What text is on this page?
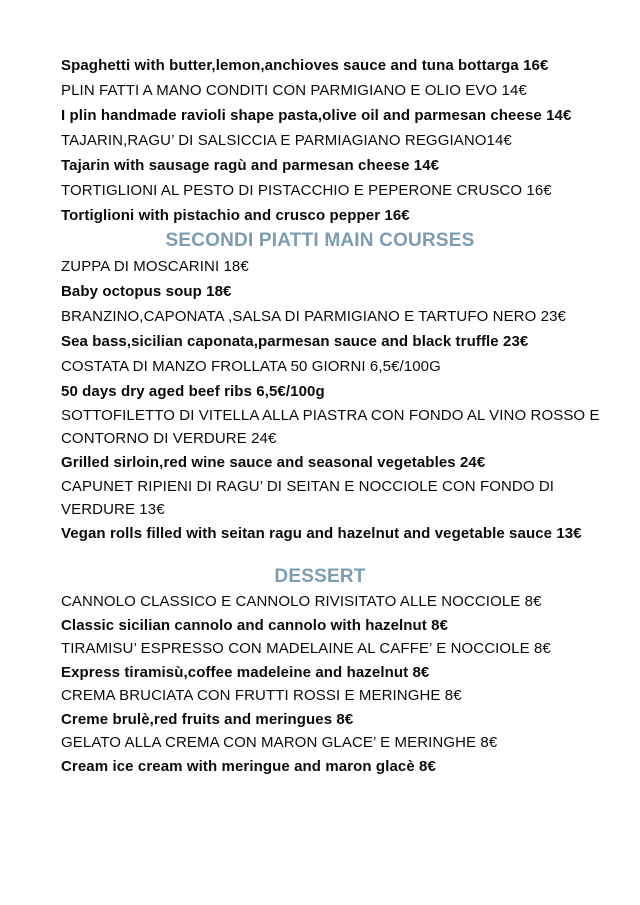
Spaghetti with butter,lemon,anchioves sauce and tuna bottarga 16€
PLIN FATTI A MANO CONDITI CON PARMIGIANO E OLIO EVO 14€
I plin handmade ravioli shape pasta,olive oil and parmesan cheese 14€
TAJARIN,RAGU’ DI SALSICCIA E PARMIAGIANO REGGIANO14€
Tajarin with sausage ragù and parmesan cheese 14€
TORTIGLIONI AL PESTO DI PISTACCHIO E PEPERONE CRUSCO 16€
Tortiglioni with pistachio and crusco pepper 16€
SECONDI PIATTI MAIN COURSES
ZUPPA DI MOSCARINI 18€
Baby octopus soup 18€
BRANZINO,CAPONATA ,SALSA DI PARMIGIANO E TARTUFO NERO 23€
Sea bass,sicilian caponata,parmesan sauce and black truffle 23€
COSTATA DI MANZO FROLLATA 50 GIORNI 6,5€/100G
50 days dry aged beef ribs 6,5€/100g
SOTTOFILETTO DI VITELLA ALLA PIASTRA CON FONDO AL VINO ROSSO E
CONTORNO DI VERDURE 24€
Grilled sirloin,red wine sauce and seasonal vegetables 24€
CAPUNET RIPIENI DI RAGU’ DI SEITAN E NOCCIOLE CON FONDO DI
VERDURE 13€
Vegan rolls filled with seitan ragu and hazelnut and vegetable sauce 13€
DESSERT
CANNOLO CLASSICO E CANNOLO RIVISITATO ALLE NOCCIOLE 8€
Classic sicilian cannolo and cannolo with hazelnut 8€
TIRAMISU’ ESPRESSO CON MADELAINE AL CAFFE’ E NOCCIOLE 8€
Express tiramisù,coffee madeleine and hazelnut 8€
CREMA BRUCIATA CON FRUTTI ROSSI E MERINGHE 8€
Creme brulè,red fruits and meringues 8€
GELATO ALLA CREMA CON MARON GLACE’ E MERINGHE 8€
Cream ice cream with meringue and maron glacè 8€
